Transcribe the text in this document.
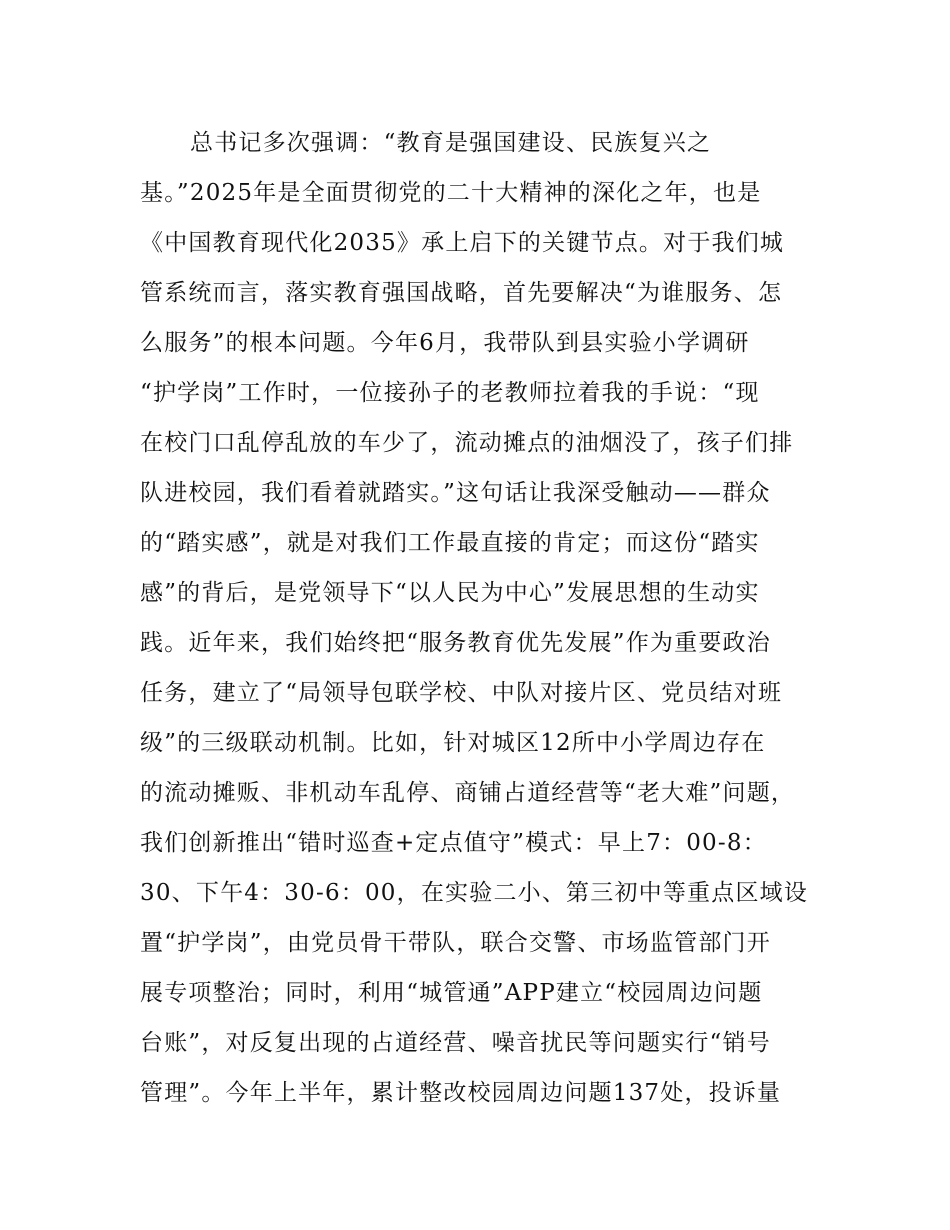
总书记多次强调：“教育是强国建设、民族复兴之
基。”2025年是全面贯彻党的二十大精神的深化之年，也是
《中国教育现代化2035》承上启下的关键节点。对于我们城
管系统而言，落实教育强国战略，首先要解决“为谁服务、怎
么服务”的根本问题。今年6月，我带队到县实验小学调研
“护学岗”工作时，一位接孙子的老教师拉着我的手说：“现
在校门口乱停乱放的车少了，流动摊点的油烟没了，孩子们排
队进校园，我们看着就踏实。”这句话让我深受触动——群众
的“踏实感”，就是对我们工作最直接的肯定；而这份“踏实
感”的背后，是党领导下“以人民为中心”发展思想的生动实
践。近年来，我们始终把“服务教育优先发展”作为重要政治
任务，建立了“局领导包联学校、中队对接片区、党员结对班
级”的三级联动机制。比如，针对城区12所中小学周边存在
的流动摊贩、非机动车乱停、商铺占道经营等“老大难”问题，
我们创新推出“错时巡查+定点值守”模式：早上7：00-8：
30、下午4：30-6：00，在实验二小、第三初中等重点区域设
置“护学岗”，由党员骨干带队，联合交警、市场监管部门开
展专项整治；同时，利用“城管通”APP建立“校园周边问题
台账”，对反复出现的占道经营、噪音扰民等问题实行“销号
管理”。今年上半年，累计整改校园周边问题137处，投诉量
